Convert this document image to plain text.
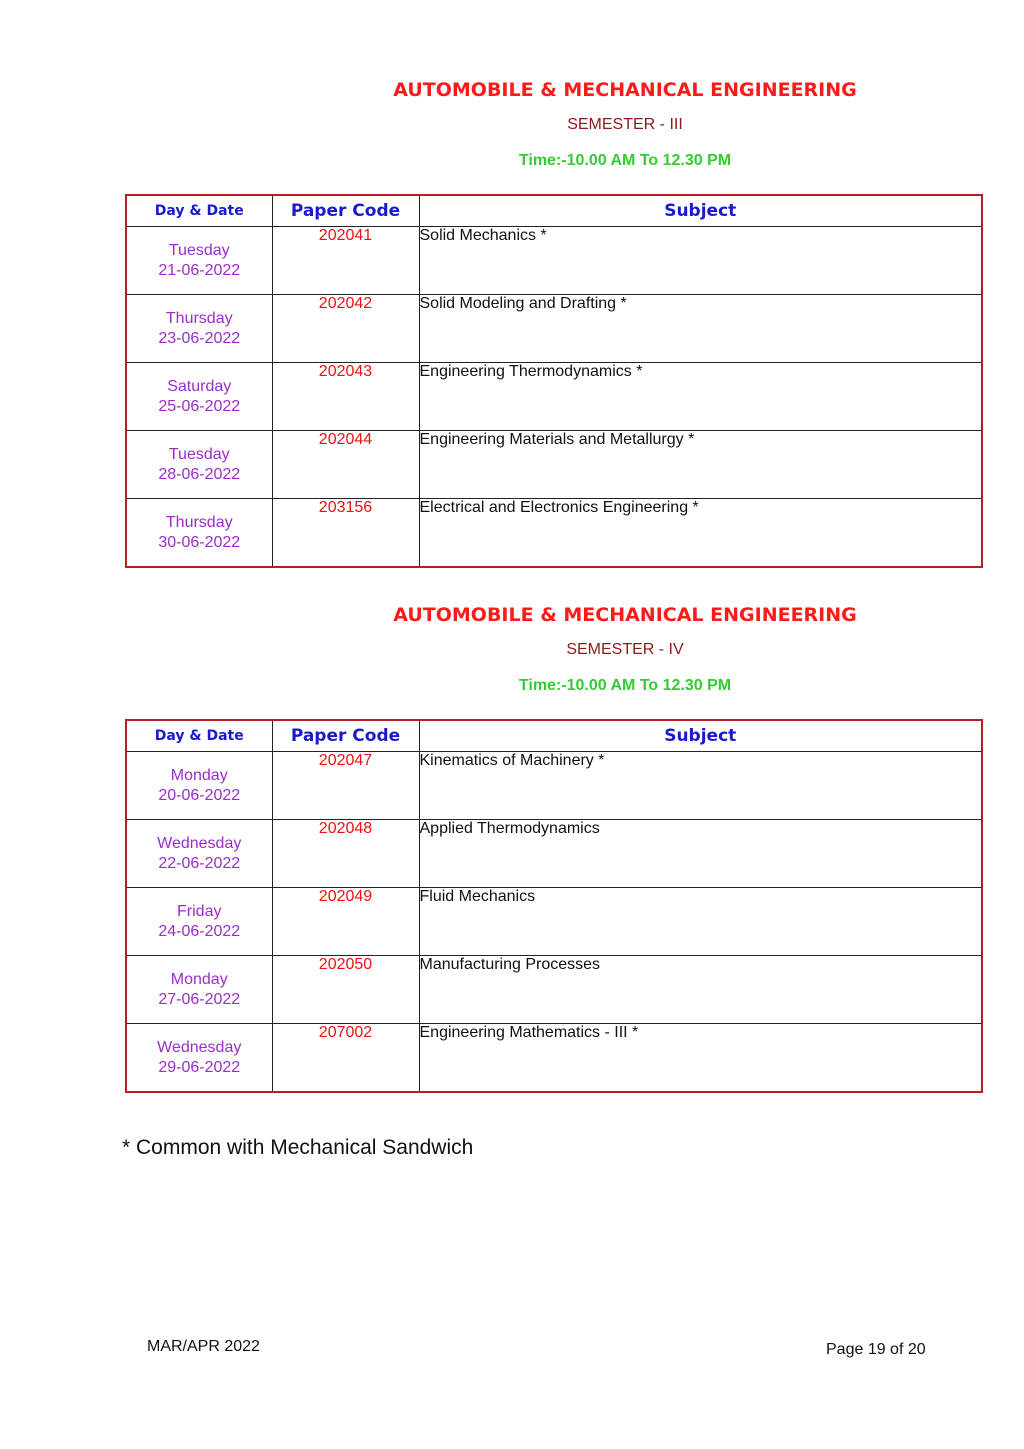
AUTOMOBILE & MECHANICAL ENGINEERING
SEMESTER - III
Time:-10.00 AM To 12.30 PM
Day & Date	Paper Code	Subject
Tuesday
21-06-2022	202041	Solid Mechanics *
Thursday
23-06-2022	202042	Solid Modeling and Drafting *
Saturday
25-06-2022	202043	Engineering Thermodynamics *
Tuesday
28-06-2022	202044	Engineering Materials and Metallurgy *
Thursday
30-06-2022	203156	Electrical and Electronics Engineering *
AUTOMOBILE & MECHANICAL ENGINEERING
SEMESTER - IV
Time:-10.00 AM To 12.30 PM
Day & Date	Paper Code	Subject
Monday
20-06-2022	202047	Kinematics of Machinery *
Wednesday
22-06-2022	202048	Applied Thermodynamics
Friday
24-06-2022	202049	Fluid Mechanics
Monday
27-06-2022	202050	Manufacturing Processes
Wednesday
29-06-2022	207002	Engineering Mathematics - III *
* Common with Mechanical Sandwich
MAR/APR 2022	Page 19 of 20
